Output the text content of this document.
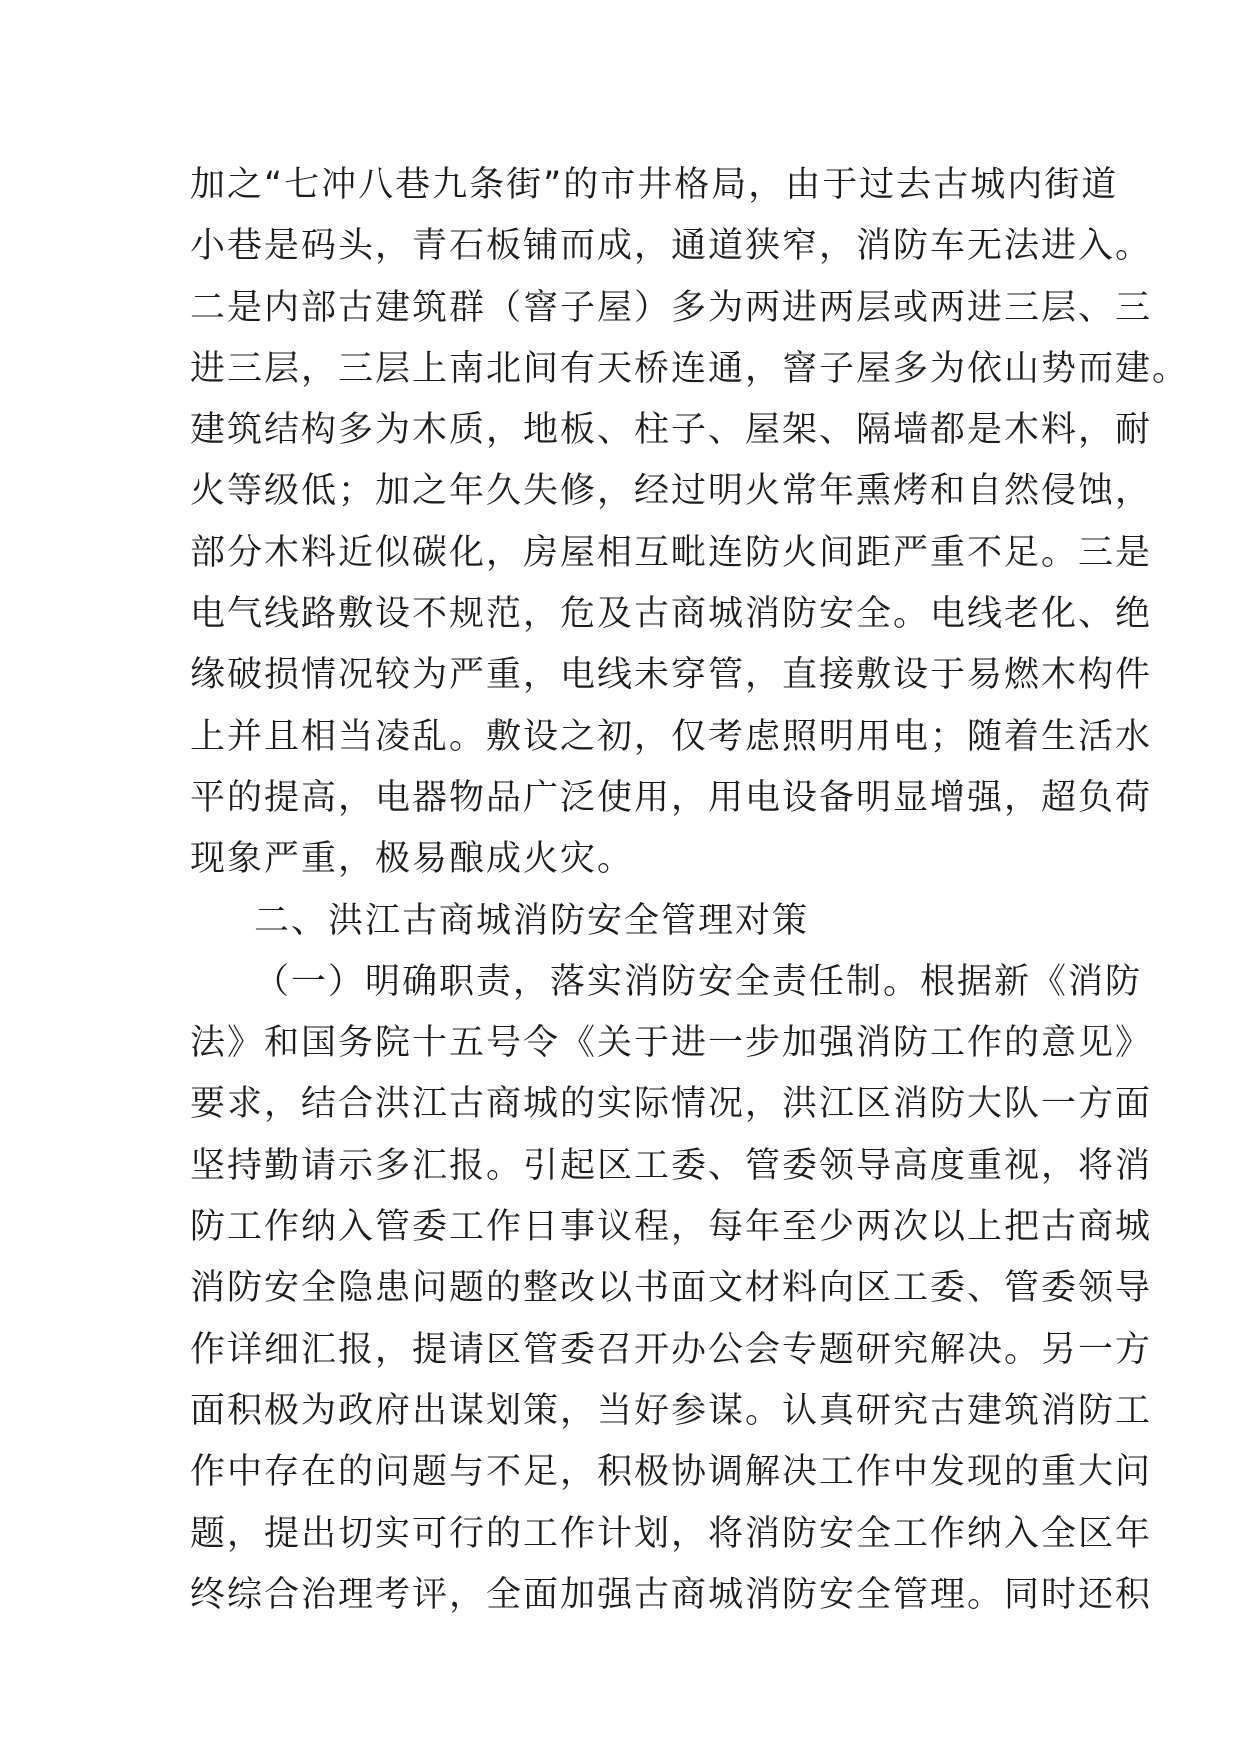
加之“七冲八巷九条街”的市井格局，由于过去古城内街道
小巷是码头，青石板铺而成，通道狭窄，消防车无法进入。
二是内部古建筑群（窨子屋）多为两进两层或两进三层、三
进三层，三层上南北间有天桥连通，窨子屋多为依山势而建。
建筑结构多为木质，地板、柱子、屋架、隔墙都是木料，耐
火等级低；加之年久失修，经过明火常年熏烤和自然侵蚀，
部分木料近似碳化，房屋相互毗连防火间距严重不足。三是
电气线路敷设不规范，危及古商城消防安全。电线老化、绝
缘破损情况较为严重，电线未穿管，直接敷设于易燃木构件
上并且相当凌乱。敷设之初，仅考虑照明用电；随着生活水
平的提高，电器物品广泛使用，用电设备明显增强，超负荷
现象严重，极易酿成火灾。
二、洪江古商城消防安全管理对策
（一）明确职责，落实消防安全责任制。根据新《消防
法》和国务院十五号令《关于进一步加强消防工作的意见》
要求，结合洪江古商城的实际情况，洪江区消防大队一方面
坚持勤请示多汇报。引起区工委、管委领导高度重视，将消
防工作纳入管委工作日事议程，每年至少两次以上把古商城
消防安全隐患问题的整改以书面文材料向区工委、管委领导
作详细汇报，提请区管委召开办公会专题研究解决。另一方
面积极为政府出谋划策，当好参谋。认真研究古建筑消防工
作中存在的问题与不足，积极协调解决工作中发现的重大问
题，提出切实可行的工作计划，将消防安全工作纳入全区年
终综合治理考评，全面加强古商城消防安全管理。同时还积
